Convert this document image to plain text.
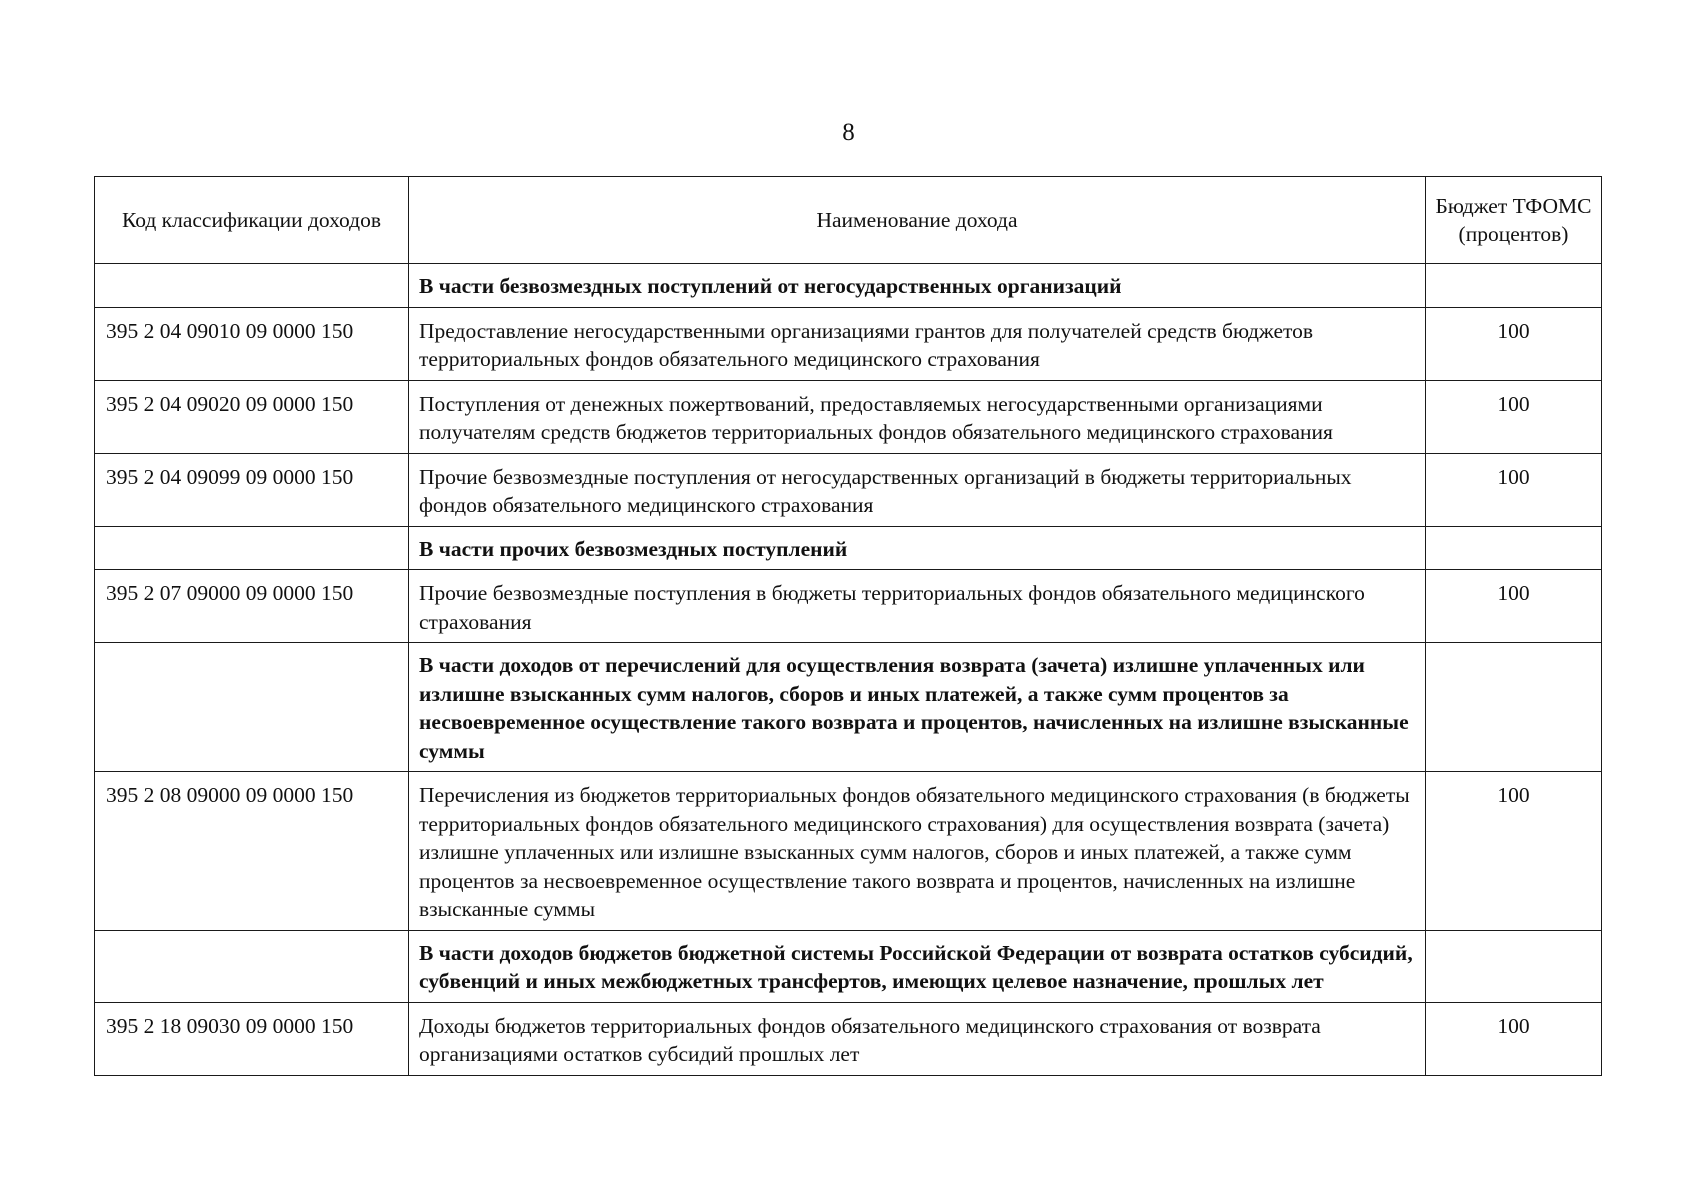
8
Код классификации доходов	Наименование дохода	Бюджет ТФОМС (процентов)
	В части безвозмездных поступлений от негосударственных организаций	
395 2 04 09010 09 0000 150	Предоставление негосударственными организациями грантов для получателей средств бюджетов территориальных фондов обязательного медицинского страхования	100
395 2 04 09020 09 0000 150	Поступления от денежных пожертвований, предоставляемых негосударственными организациями получателям средств бюджетов территориальных фондов обязательного медицинского страхования	100
395 2 04 09099 09 0000 150	Прочие безвозмездные поступления от негосударственных организаций в бюджеты территориальных фондов обязательного медицинского страхования	100
	В части прочих безвозмездных поступлений	
395 2 07 09000 09 0000 150	Прочие безвозмездные поступления в бюджеты территориальных фондов обязательного медицинского страхования	100
	В части доходов от перечислений для осуществления возврата (зачета) излишне уплаченных или излишне взысканных сумм налогов, сборов и иных платежей, а также сумм процентов за несвоевременное осуществление такого возврата и процентов, начисленных на излишне взысканные суммы	
395 2 08 09000 09 0000 150	Перечисления из бюджетов территориальных фондов обязательного медицинского страхования (в бюджеты территориальных фондов обязательного медицинского страхования) для осуществления возврата (зачета) излишне уплаченных или излишне взысканных сумм налогов, сборов и иных платежей, а также сумм процентов за несвоевременное осуществление такого возврата и процентов, начисленных на излишне взысканные суммы	100
	В части доходов бюджетов бюджетной системы Российской Федерации от возврата остатков субсидий, субвенций и иных межбюджетных трансфертов, имеющих целевое назначение, прошлых лет	
395 2 18 09030 09 0000 150	Доходы бюджетов территориальных фондов обязательного медицинского страхования от возврата организациями остатков субсидий прошлых лет	100
